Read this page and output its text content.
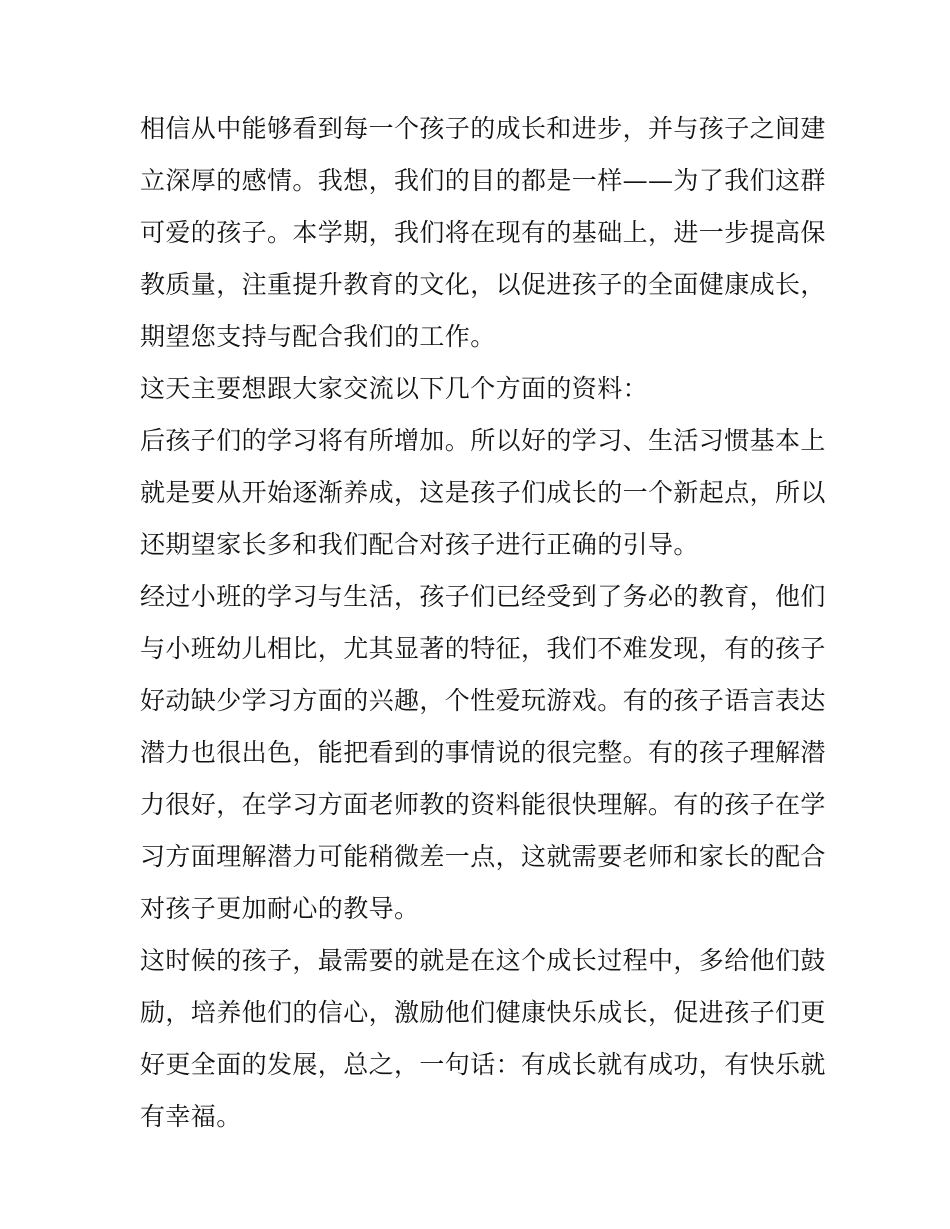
相信从中能够看到每一个孩子的成长和进步，并与孩子之间建
立深厚的感情。我想，我们的目的都是一样——为了我们这群
可爱的孩子。本学期，我们将在现有的基础上，进一步提高保
教质量，注重提升教育的文化，以促进孩子的全面健康成长，
期望您支持与配合我们的工作。

这天主要想跟大家交流以下几个方面的资料：

后孩子们的学习将有所增加。所以好的学习、生活习惯基本上
就是要从开始逐渐养成，这是孩子们成长的一个新起点，所以
还期望家长多和我们配合对孩子进行正确的引导。

经过小班的学习与生活，孩子们已经受到了务必的教育，他们
与小班幼儿相比，尤其显著的特征，我们不难发现，有的孩子
好动缺少学习方面的兴趣，个性爱玩游戏。有的孩子语言表达
潜力也很出色，能把看到的事情说的很完整。有的孩子理解潜
力很好，在学习方面老师教的资料能很快理解。有的孩子在学
习方面理解潜力可能稍微差一点，这就需要老师和家长的配合
对孩子更加耐心的教导。

这时候的孩子，最需要的就是在这个成长过程中，多给他们鼓
励，培养他们的信心，激励他们健康快乐成长，促进孩子们更
好更全面的发展，总之，一句话：有成长就有成功，有快乐就
有幸福。
